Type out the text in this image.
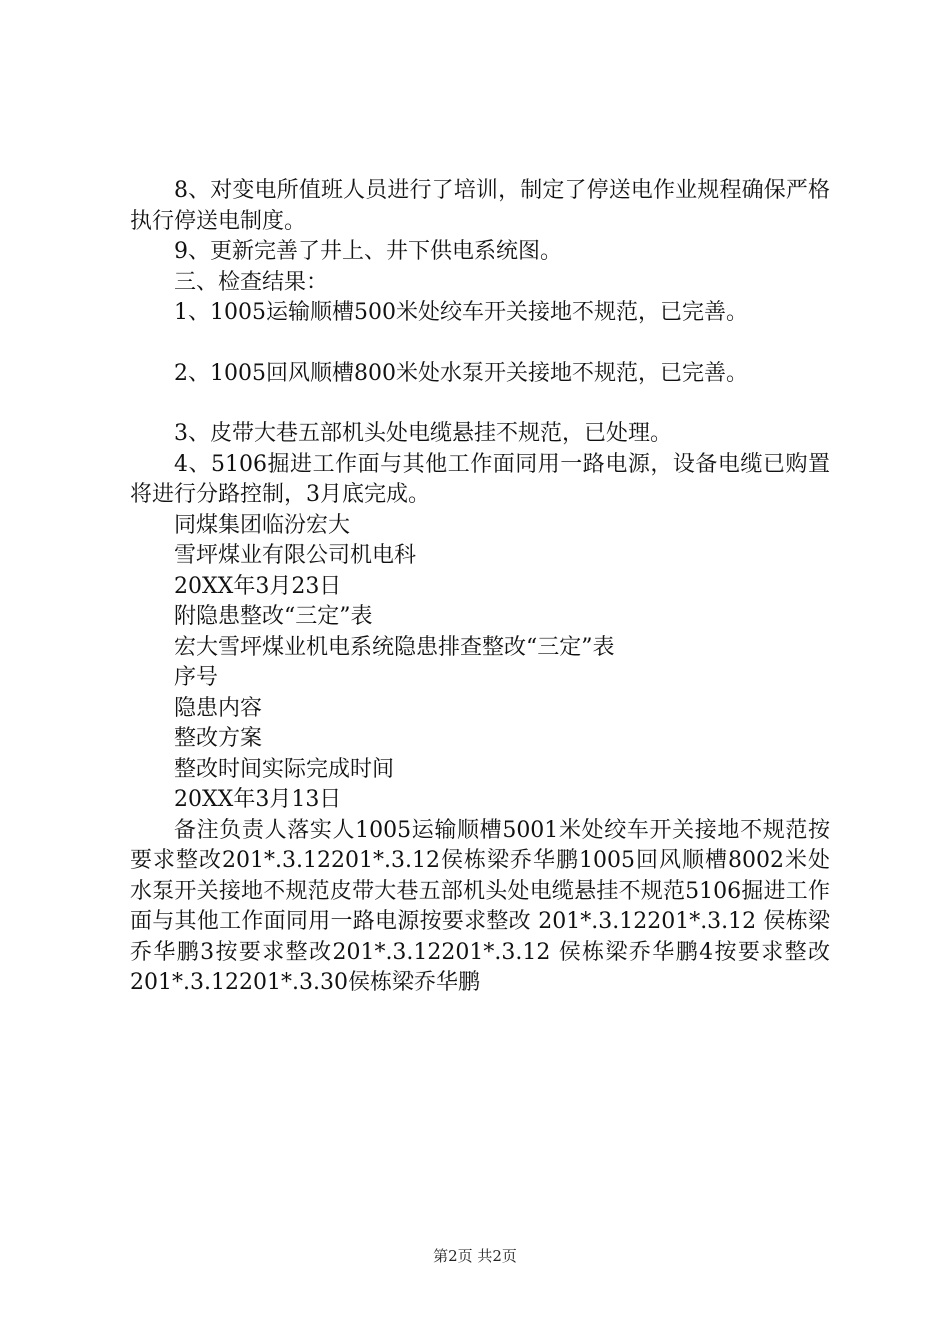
8、对变电所值班人员进行了培训，制定了停送电作业规程确保严格执行停送电制度。

9、更新完善了井上、井下供电系统图。

三、检查结果：

1、1005运输顺槽500米处绞车开关接地不规范，已完善。

2、1005回风顺槽800米处水泵开关接地不规范，已完善。

3、皮带大巷五部机头处电缆悬挂不规范，已处理。

4、5106掘进工作面与其他工作面同用一路电源，设备电缆已购置将进行分路控制，3月底完成。

同煤集团临汾宏大

雪坪煤业有限公司机电科

20XX年3月23日

附隐患整改“三定”表

宏大雪坪煤业机电系统隐患排查整改“三定”表

序号

隐患内容

整改方案

整改时间实际完成时间

20XX年3月13日

备注负责人落实人1005运输顺槽5001米处绞车开关接地不规范按要求整改201*.3.12201*.3.12侯栋梁乔华鹏1005回风顺槽8002米处水泵开关接地不规范皮带大巷五部机头处电缆悬挂不规范5106掘进工作面与其他工作面同用一路电源按要求整改 201*.3.12201*.3.12 侯栋梁乔华鹏3按要求整改201*.3.12201*.3.12 侯栋梁乔华鹏4按要求整改201*.3.12201*.3.30侯栋梁乔华鹏

第2页 共2页
